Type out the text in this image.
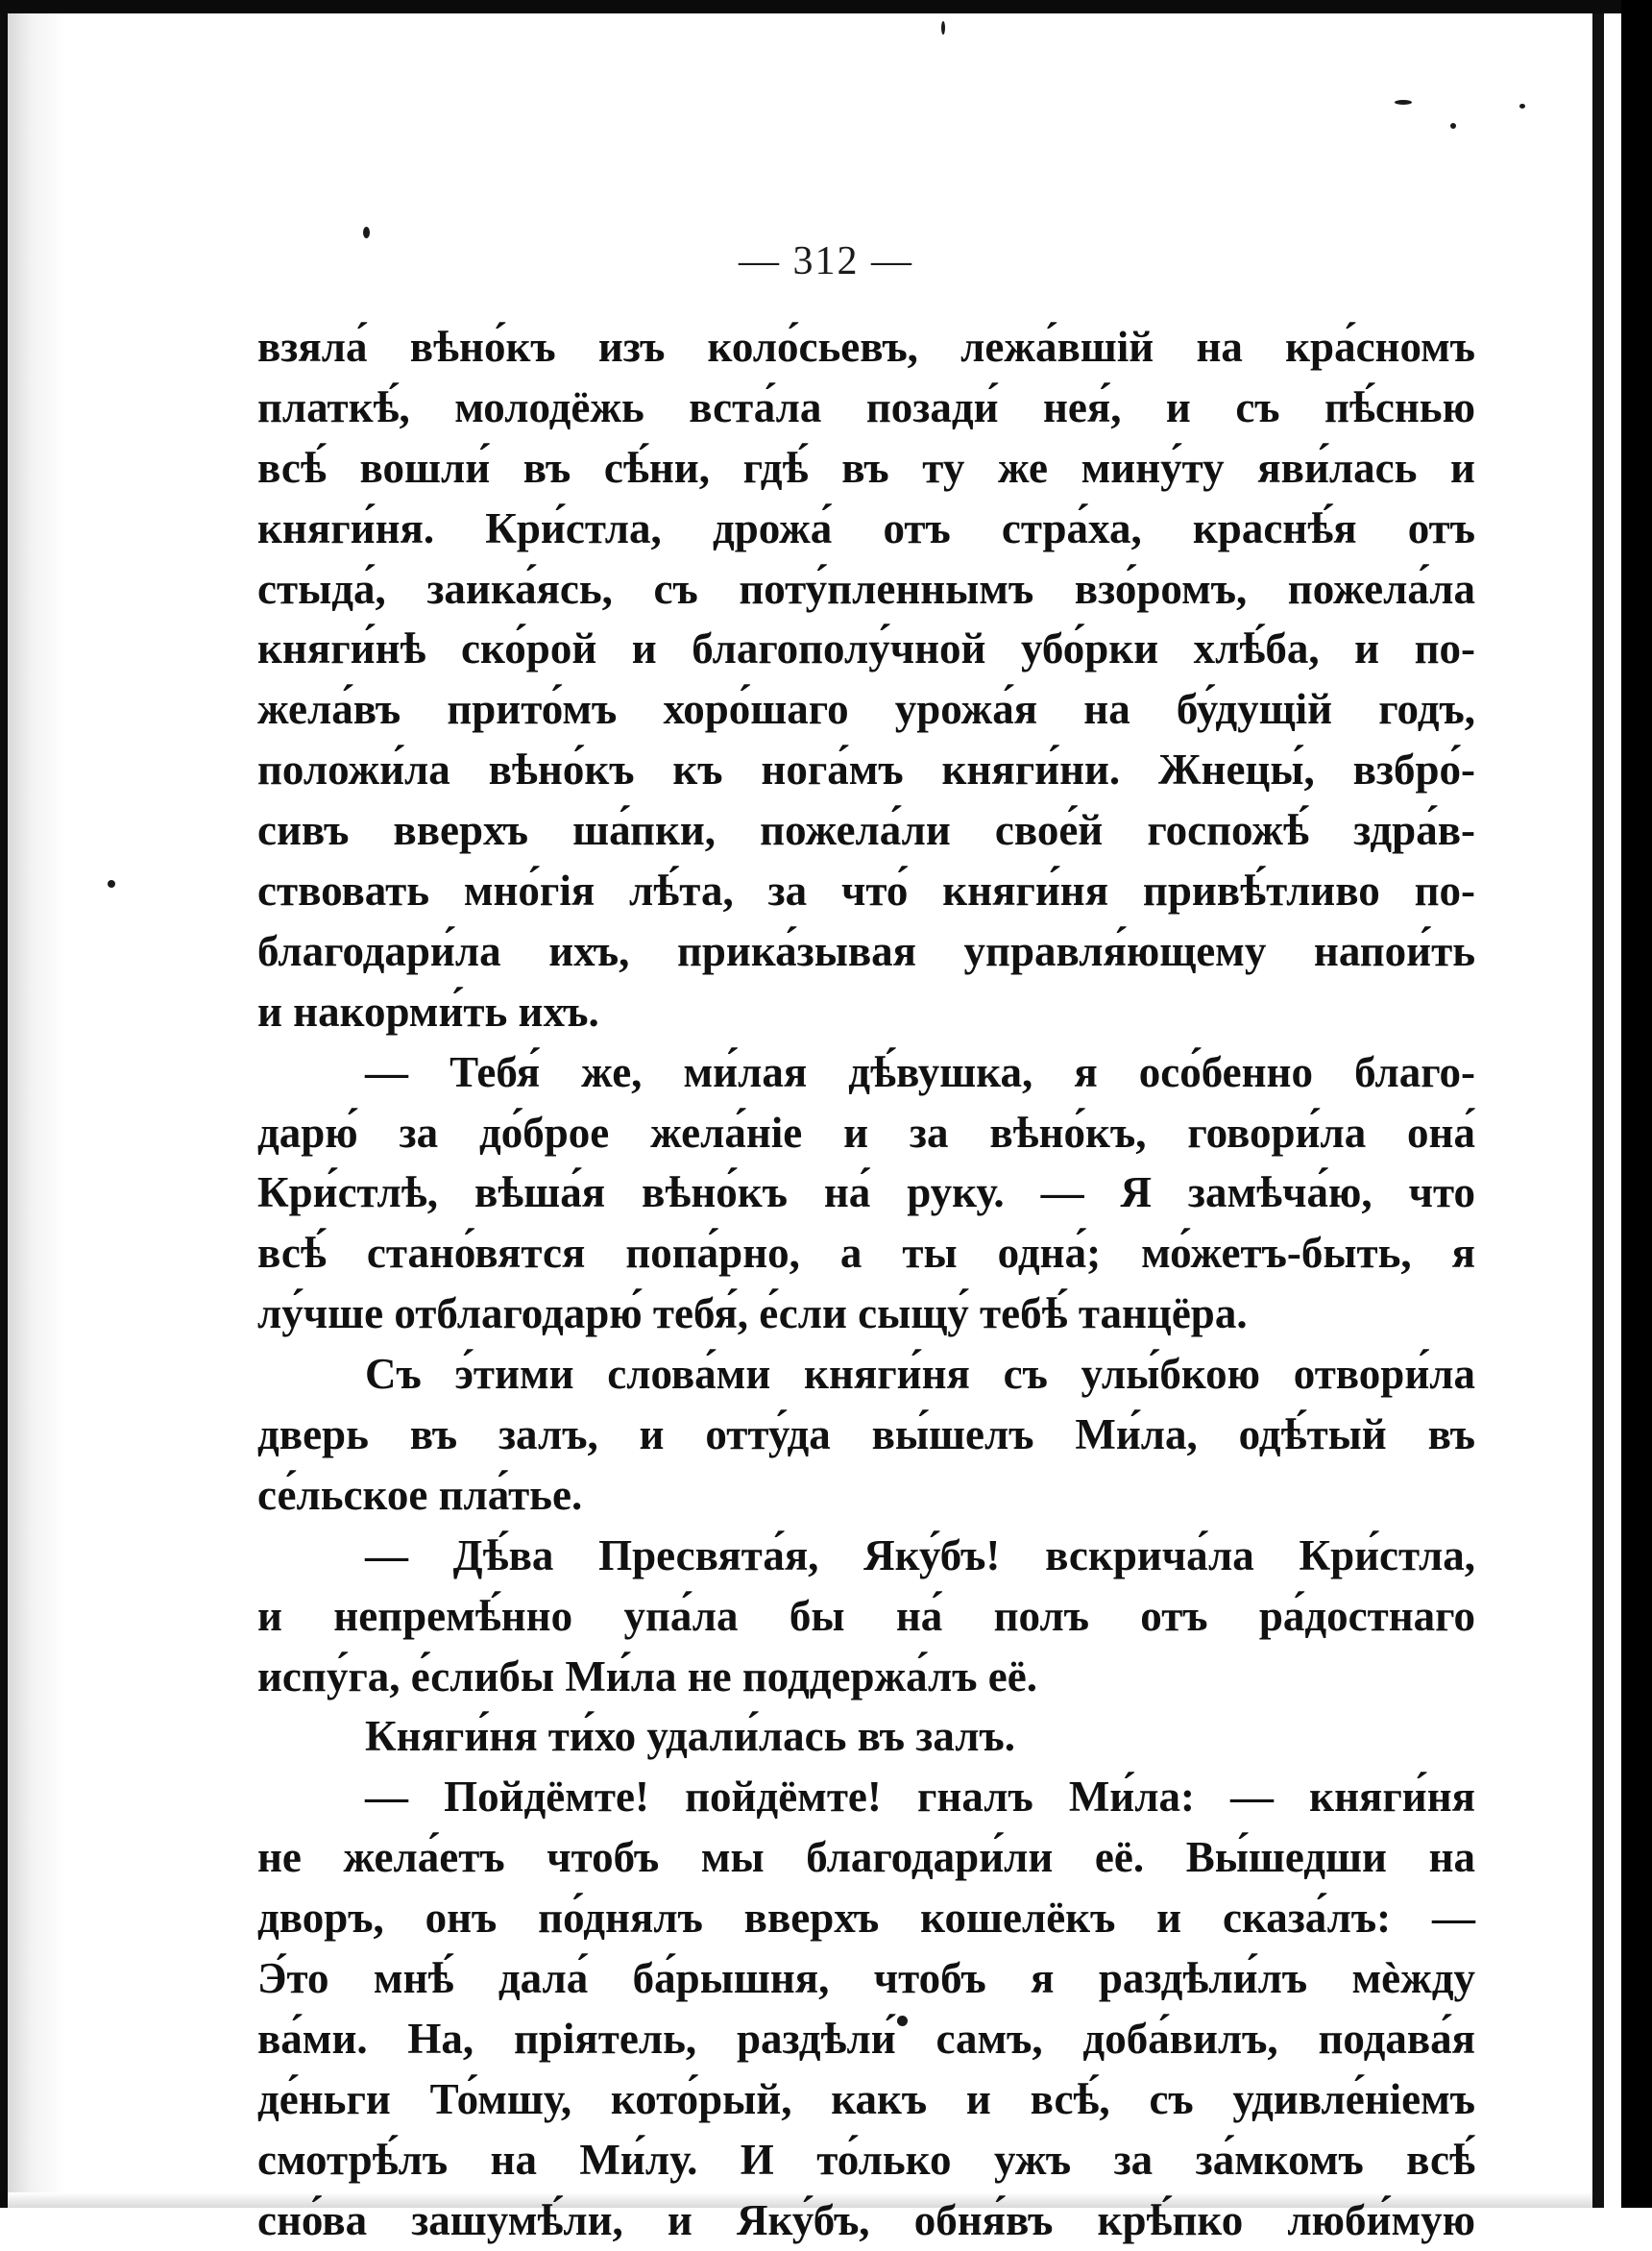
— 312 —
взяла́ вѣно́къ изъ коло́сьевъ, лежа́вшій на кра́сномъ
платкѣ́, молодёжь вста́ла позади́ нея́, и съ пѣ́снью
всѣ́ вошли́ въ сѣ́ни, гдѣ́ въ ту же мину́ту яви́лась и
княги́ня. Кри́стла, дрожа́ отъ стра́ха, краснѣ́я отъ
стыда́, заика́ясь, съ поту́пленнымъ взо́ромъ, пожела́ла
княги́нѣ ско́рой и благополу́чной убо́рки хлѣ́ба, и по-
жела́въ прито́мъ хоро́шаго урожа́я на бу́дущій годъ,
положи́ла вѣно́къ къ нога́мъ княги́ни. Жнецы́, взбро́-
сивъ вверхъ ша́пки, пожела́ли свое́й госпожѣ́ здра́в-
ствовать мно́гія лѣ́та, за что́ княги́ня привѣ́тливо по-
благодари́ла ихъ, прика́зывая управля́ющему напои́ть
и накорми́ть ихъ.
— Тебя́ же, ми́лая дѣ́вушка, я осо́бенно благо-
дарю́ за до́брое жела́ніе и за вѣно́къ, говори́ла она́
Кри́стлѣ, вѣша́я вѣно́къ на́ руку. — Я замѣча́ю, что
всѣ́ стано́вятся попа́рно, а ты одна́; мо́жетъ-быть, я
лу́чше отблагодарю́ тебя́, е́сли сыщу́ тебѣ́ танцёра.
Съ э́тими слова́ми княги́ня съ улы́бкою отвори́ла
дверь въ залъ, и отту́да вы́шелъ Ми́ла, одѣ́тый въ
се́льское пла́тье.
— Дѣ́ва Пресвята́я, Яку́бъ! вскрича́ла Кри́стла,
и непремѣ́нно упа́ла бы на́ полъ отъ ра́достнаго
испу́га, е́слибы Ми́ла не поддержа́лъ её.
Княги́ня ти́хо удали́лась въ залъ.
— Пойдёмте! пойдёмте! гналъ Ми́ла: — княги́ня
не жела́етъ чтобъ мы благодари́ли её. Вы́шедши на
дворъ, онъ по́днялъ вверхъ кошелёкъ и сказа́лъ: —
Э́то мнѣ́ дала́ ба́рышня, чтобъ я раздѣли́лъ мѐжду
ва́ми. На, пріятель, раздѣли́ самъ, доба́вилъ, подава́я
де́ньги То́мшу, кото́рый, какъ и всѣ́, съ удивле́ніемъ
смотрѣ́лъ на Ми́лу. И то́лько ужъ за за́мкомъ всѣ́
сно́ва зашумѣ́ли, и Яку́бъ, обня́въ крѣ́пко люби́мую
